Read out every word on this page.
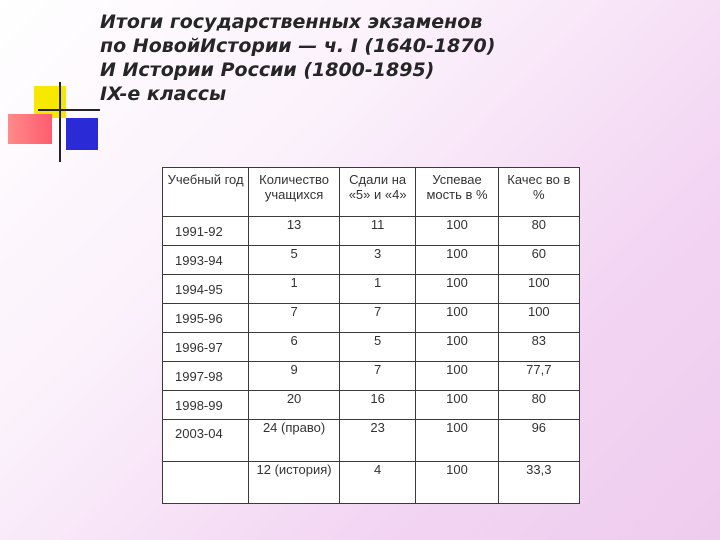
Итоги государственных экзаменов
по НовойИстории — ч. I (1640-1870)
И Истории России (1800-1895)
IX-е классы
Учебный год	Количество учащихся	Сдали на «5» и «4»	Успевае мость в %	Качес во в %
1991-92	13	11	100	80
1993-94	5	3	100	60
1994-95	1	1	100	100
1995-96	7	7	100	100
1996-97	6	5	100	83
1997-98	9	7	100	77,7
1998-99	20	16	100	80
2003-04	24 (право)	23	100	96
	12 (история)	4	100	33,3
